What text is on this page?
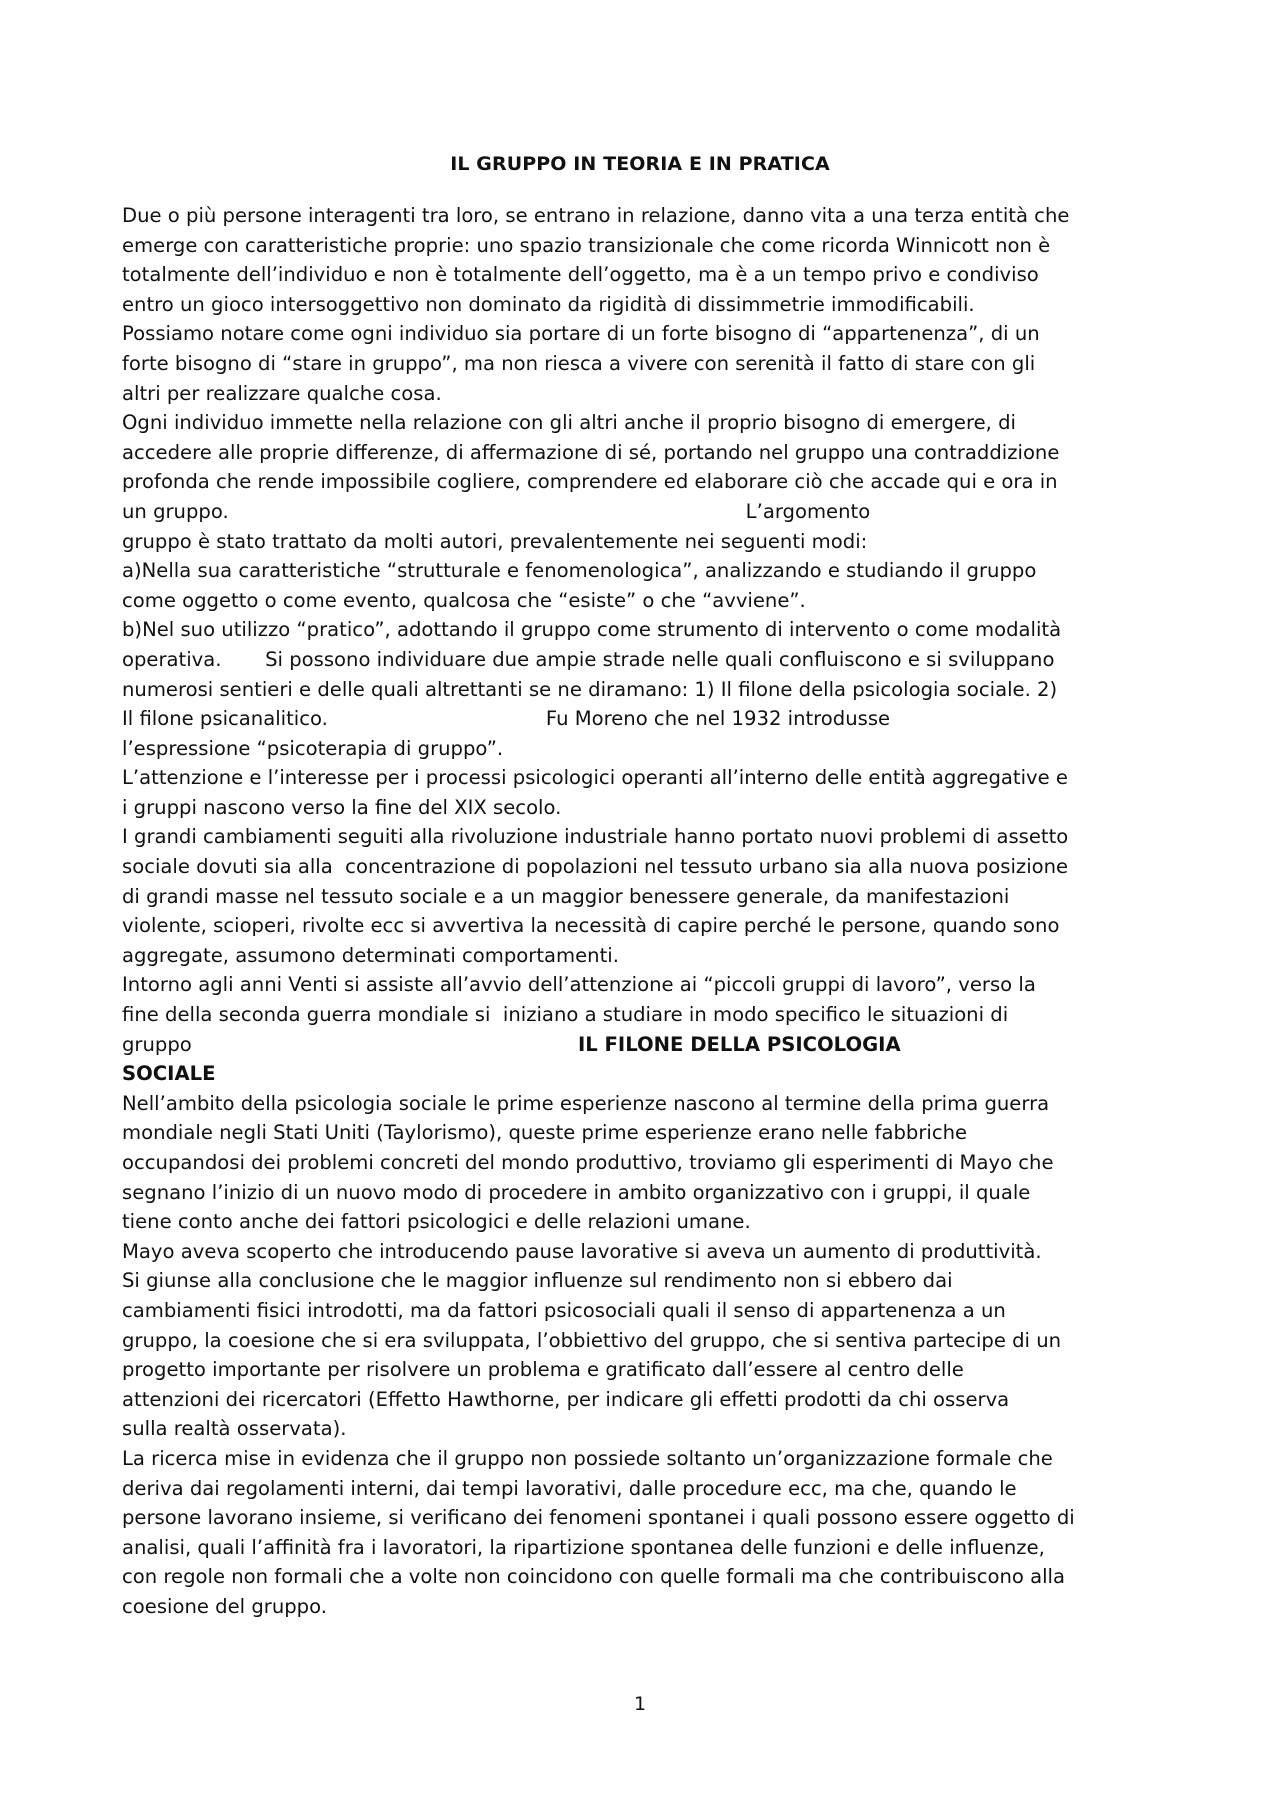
IL GRUPPO IN TEORIA E IN PRATICA
Due o più persone interagenti tra loro, se entrano in relazione, danno vita a una terza entità che
emerge con caratteristiche proprie: uno spazio transizionale che come ricorda Winnicott non è
totalmente dell’individuo e non è totalmente dell’oggetto, ma è a un tempo privo e condiviso
entro un gioco intersoggettivo non dominato da rigidità di dissimmetrie immodificabili.
Possiamo notare come ogni individuo sia portare di un forte bisogno di “appartenenza”, di un
forte bisogno di “stare in gruppo”, ma non riesca a vivere con serenità il fatto di stare con gli
altri per realizzare qualche cosa.
Ogni individuo immette nella relazione con gli altri anche il proprio bisogno di emergere, di
accedere alle proprie differenze, di affermazione di sé, portando nel gruppo una contraddizione
profonda che rende impossibile cogliere, comprendere ed elaborare ciò che accade qui e ora in
un gruppo.                                                                                   L’argomento
gruppo è stato trattato da molti autori, prevalentemente nei seguenti modi:
a)Nella sua caratteristiche “strutturale e fenomenologica”, analizzando e studiando il gruppo
come oggetto o come evento, qualcosa che “esiste” o che “avviene”.
b)Nel suo utilizzo “pratico”, adottando il gruppo come strumento di intervento o come modalità
operativa.       Si possono individuare due ampie strade nelle quali confluiscono e si sviluppano
numerosi sentieri e delle quali altrettanti se ne diramano: 1) Il filone della psicologia sociale. 2)
Il filone psicanalitico.                                   Fu Moreno che nel 1932 introdusse
l’espressione “psicoterapia di gruppo”.
L’attenzione e l’interesse per i processi psicologici operanti all’interno delle entità aggregative e
i gruppi nascono verso la fine del XIX secolo.
I grandi cambiamenti seguiti alla rivoluzione industriale hanno portato nuovi problemi di assetto
sociale dovuti sia alla  concentrazione di popolazioni nel tessuto urbano sia alla nuova posizione
di grandi masse nel tessuto sociale e a un maggior benessere generale, da manifestazioni
violente, scioperi, rivolte ecc si avvertiva la necessità di capire perché le persone, quando sono
aggregate, assumono determinati comportamenti.
Intorno agli anni Venti si assiste all’avvio dell’attenzione ai “piccoli gruppi di lavoro”, verso la
fine della seconda guerra mondiale si  iniziano a studiare in modo specifico le situazioni di
gruppo                                                              IL FILONE DELLA PSICOLOGIA
SOCIALE
Nell’ambito della psicologia sociale le prime esperienze nascono al termine della prima guerra
mondiale negli Stati Uniti (Taylorismo), queste prime esperienze erano nelle fabbriche
occupandosi dei problemi concreti del mondo produttivo, troviamo gli esperimenti di Mayo che
segnano l’inizio di un nuovo modo di procedere in ambito organizzativo con i gruppi, il quale
tiene conto anche dei fattori psicologici e delle relazioni umane.
Mayo aveva scoperto che introducendo pause lavorative si aveva un aumento di produttività.
Si giunse alla conclusione che le maggior influenze sul rendimento non si ebbero dai
cambiamenti fisici introdotti, ma da fattori psicosociali quali il senso di appartenenza a un
gruppo, la coesione che si era sviluppata, l’obbiettivo del gruppo, che si sentiva partecipe di un
progetto importante per risolvere un problema e gratificato dall’essere al centro delle
attenzioni dei ricercatori (Effetto Hawthorne, per indicare gli effetti prodotti da chi osserva
sulla realtà osservata).
La ricerca mise in evidenza che il gruppo non possiede soltanto un’organizzazione formale che
deriva dai regolamenti interni, dai tempi lavorativi, dalle procedure ecc, ma che, quando le
persone lavorano insieme, si verificano dei fenomeni spontanei i quali possono essere oggetto di
analisi, quali l’affinità fra i lavoratori, la ripartizione spontanea delle funzioni e delle influenze,
con regole non formali che a volte non coincidono con quelle formali ma che contribuiscono alla
coesione del gruppo.
1
